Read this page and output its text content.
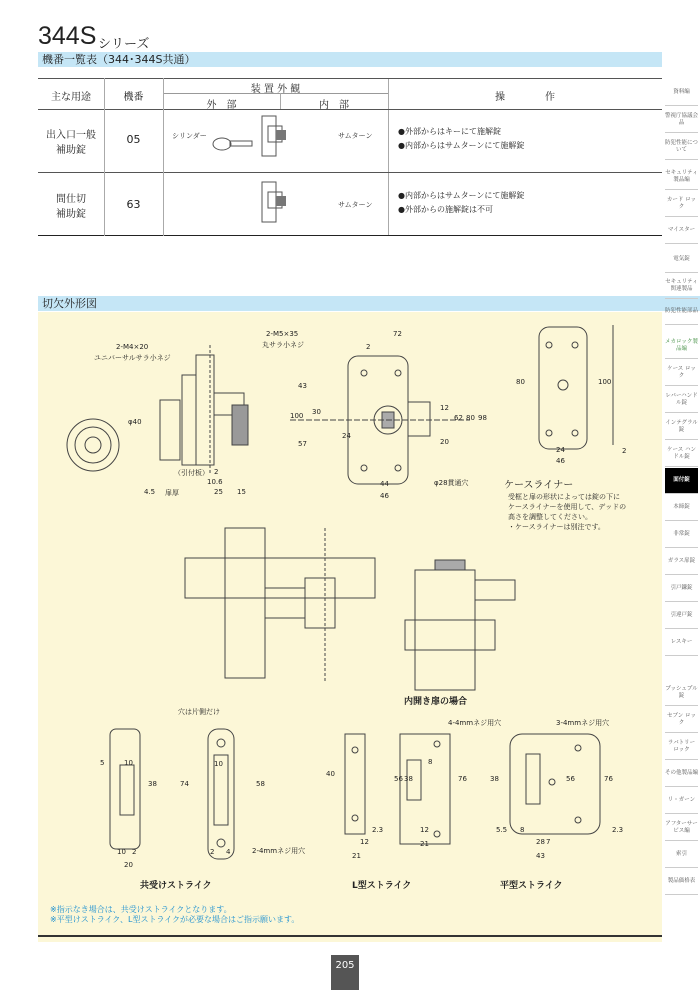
344S シリーズ
機番一覧表（344･344S共通）
主な用途	機番
装 置 外 観
外　部	内　部
操　　　　作
出入口一般
補助錠
05	シリンダー	サムターン	●外部からはキーにて施解錠
●内部からはサムターンにて施解錠
間仕切
補助錠
63	サムターン
●内部からはサムターンにて施解錠
●外部からの施解錠は不可
切欠外形図
2-M4×20
ユニバーサルサラ小ネジ
2-M5×35
丸サラ小ネジ
φ40
（引付板） 2
10.6
4.5 扉厚	25 15
72
2
43
100 30
57
24
12
62 80 98
20
44
46
φ28貫通穴
80	100
24
46
2
ケースライナー
受框と扉の形状によっては錠の下に
ケースライナーを使用して、デッドの
高さを調整してください。
・ケースライナーは別注です。
内開き扉の場合
穴は片側だけ
5	10
38	74
10
58
10 2	2 4	2-4mmネジ用穴
20
共受けストライク
4-4mmネジ用穴
40
56 38
8
76
2.3
12
21
12
21
L型ストライク
3-4mmネジ用穴
38	56	76
5.5 8
28 7
43
2.3
平型ストライク
※指示なき場合は、共受けストライクとなります。
※平型けストライク、L型ストライクが必要な場合はご指示願います。
資料編
警視庁協議会品
防犯性能について
セキュリティ製品編
カード ロック
マイスター
電気錠
セキュリティ関連製品
防犯性能部品
メカロック製品編
ケース ロック
レバーハンドル錠
インテグラル錠
ケース ハンドル錠
面付錠
本締錠
非常錠
ガラス扉錠
引戸鎌錠
引違戸錠
レスキー
プッシュプル錠
セブン ロック
ラバトリー ロック
その他製品編
リ・ガーン
アフターサービス編
索引
製品価格表
205
